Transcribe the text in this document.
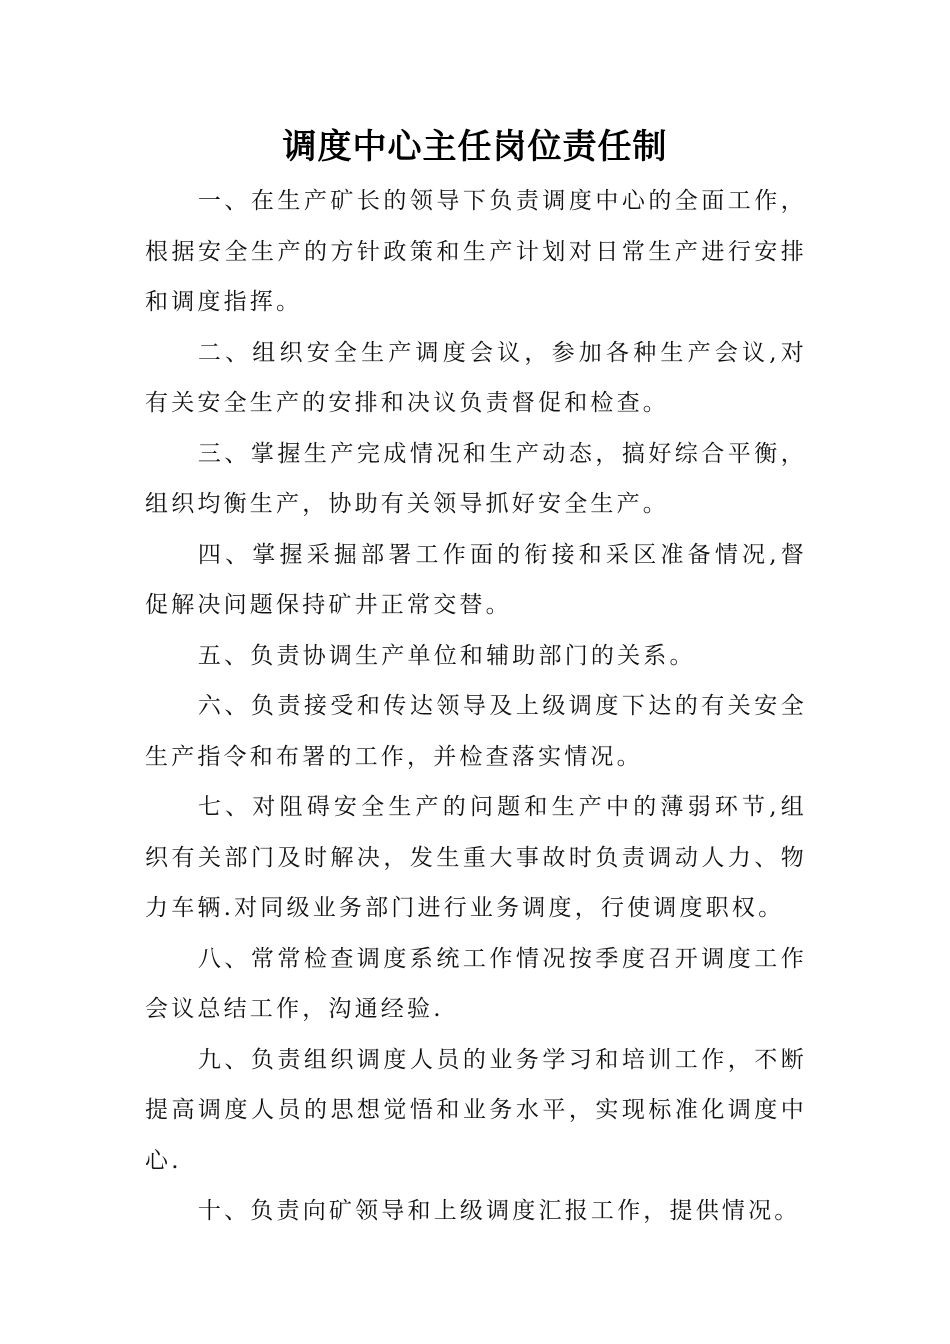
调度中心主任岗位责任制

一、在生产矿长的领导下负责调度中心的全面工作，根据安全生产的方针政策和生产计划对日常生产进行安排和调度指挥。

二、组织安全生产调度会议，参加各种生产会议,对有关安全生产的安排和决议负责督促和检查。

三、掌握生产完成情况和生产动态，搞好综合平衡，组织均衡生产，协助有关领导抓好安全生产。

四、掌握采掘部署工作面的衔接和采区准备情况,督促解决问题保持矿井正常交替。

五、负责协调生产单位和辅助部门的关系。

六、负责接受和传达领导及上级调度下达的有关安全生产指令和布署的工作，并检查落实情况。

七、对阻碍安全生产的问题和生产中的薄弱环节,组织有关部门及时解决，发生重大事故时负责调动人力、物力车辆.对同级业务部门进行业务调度，行使调度职权。

八、常常检查调度系统工作情况按季度召开调度工作会议总结工作，沟通经验.

九、负责组织调度人员的业务学习和培训工作，不断提高调度人员的思想觉悟和业务水平，实现标准化调度中心.

十、负责向矿领导和上级调度汇报工作，提供情况。
